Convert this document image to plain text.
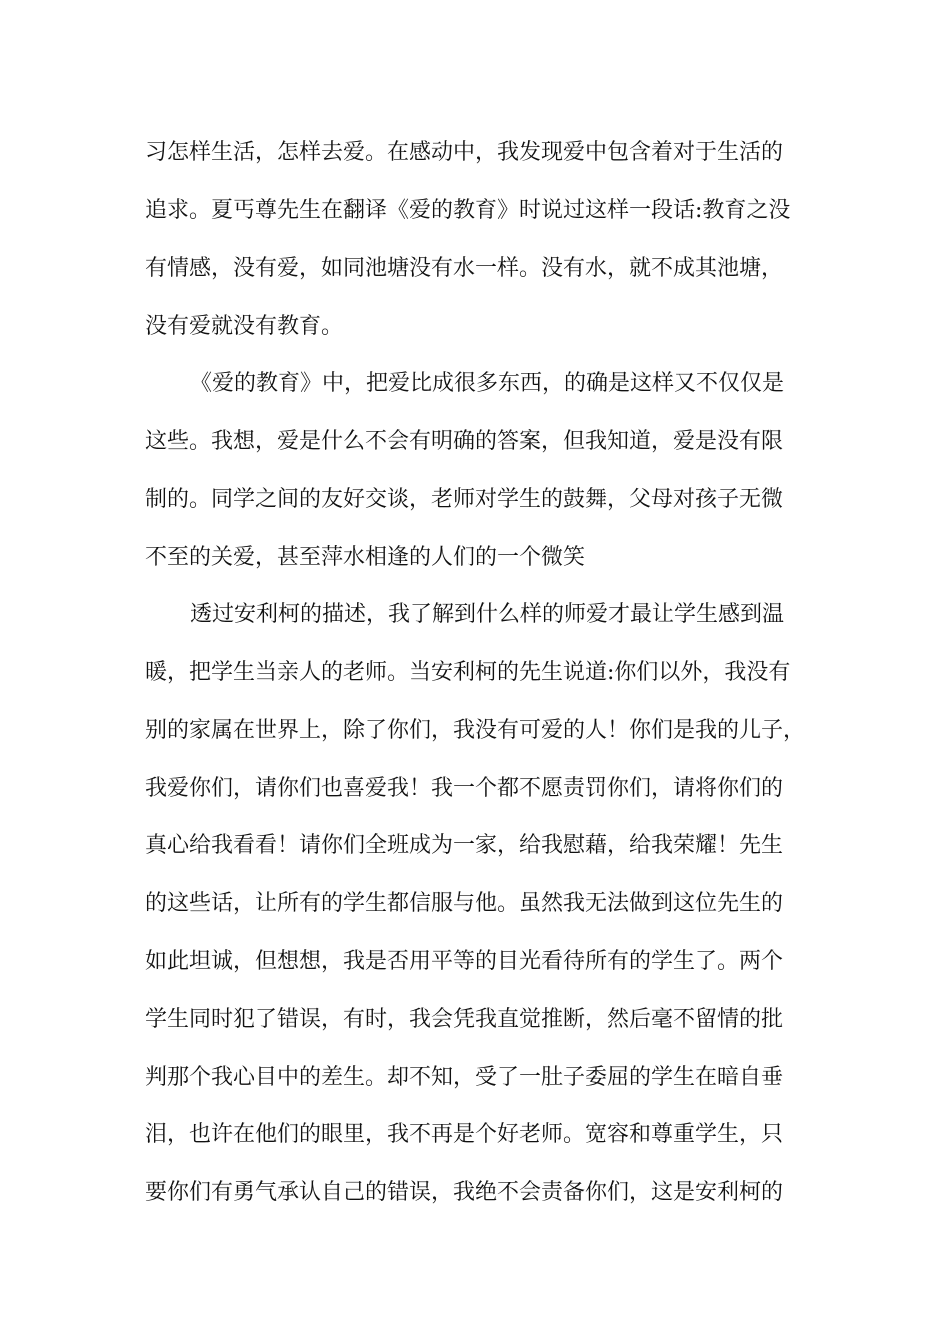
习怎样生活，怎样去爱。在感动中，我发现爱中包含着对于生活的
追求。夏丐尊先生在翻译《爱的教育》时说过这样一段话:教育之没
有情感，没有爱，如同池塘没有水一样。没有水，就不成其池塘，
没有爱就没有教育。
《爱的教育》中，把爱比成很多东西，的确是这样又不仅仅是
这些。我想，爱是什么不会有明确的答案，但我知道，爱是没有限
制的。同学之间的友好交谈，老师对学生的鼓舞，父母对孩子无微
不至的关爱，甚至萍水相逢的人们的一个微笑
透过安利柯的描述，我了解到什么样的师爱才最让学生感到温
暖，把学生当亲人的老师。当安利柯的先生说道:你们以外，我没有
别的家属在世界上，除了你们，我没有可爱的人！你们是我的儿子，
我爱你们，请你们也喜爱我！我一个都不愿责罚你们，请将你们的
真心给我看看！请你们全班成为一家，给我慰藉，给我荣耀！先生
的这些话，让所有的学生都信服与他。虽然我无法做到这位先生的
如此坦诚，但想想，我是否用平等的目光看待所有的学生了。两个
学生同时犯了错误，有时，我会凭我直觉推断，然后毫不留情的批
判那个我心目中的差生。却不知，受了一肚子委屈的学生在暗自垂
泪，也许在他们的眼里，我不再是个好老师。宽容和尊重学生，只
要你们有勇气承认自己的错误，我绝不会责备你们，这是安利柯的
